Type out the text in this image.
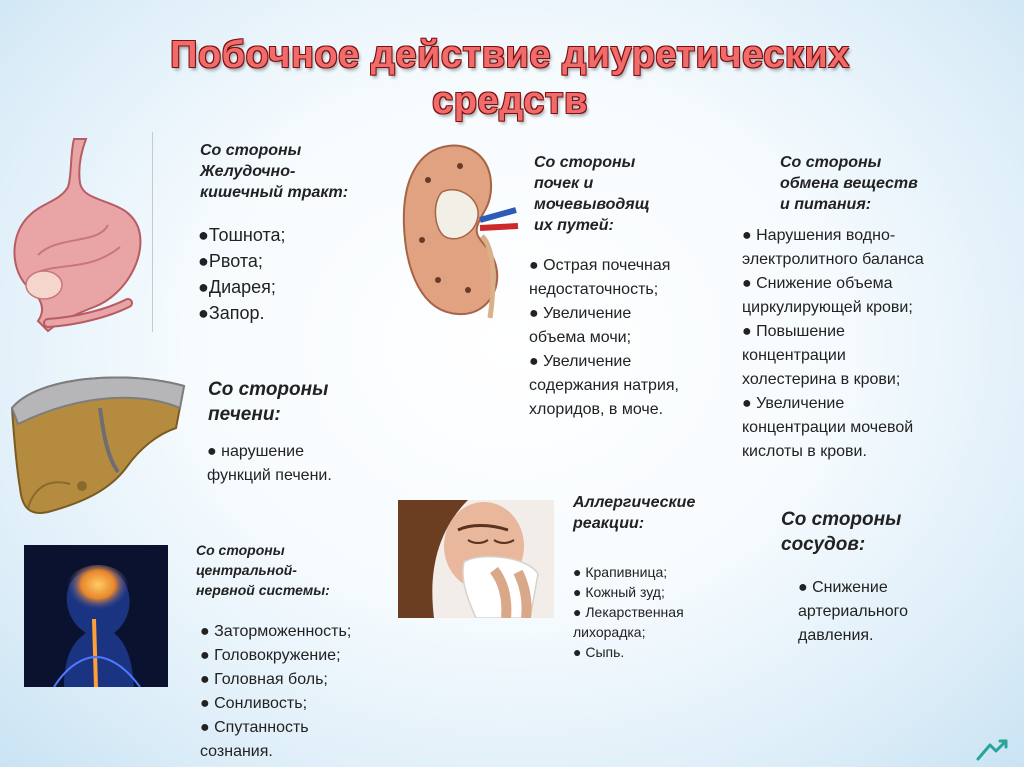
Побочное действие диуретических
средств
Со стороны
Желудочно-
кишечный тракт:
●Тошнота;
●Рвота;
●Диарея;
●Запор.
Со стороны
печени:
● нарушение
функций печени.
Со стороны
центральной-
нервной системы:
● Заторможенность;
● Головокружение;
● Головная боль;
● Сонливость;
● Спутанность
сознания.
Со стороны
почек и
мочевыводящ
их путей:
● Острая почечная
недостаточность;
● Увеличение
объема мочи;
● Увеличение
содержания натрия,
хлоридов, в моче.
Аллергические
реакции:
● Крапивница;
● Кожный зуд;
● Лекарственная
лихорадка;
● Сыпь.
Со стороны
обмена веществ
и питания:
● Нарушения водно-
электролитного баланса
● Снижение объема
циркулирующей крови;
● Повышение
концентрации
холестерина в крови;
● Увеличение
концентрации мочевой
кислоты в крови.
Со стороны
сосудов:
● Снижение
артериального
давления.
